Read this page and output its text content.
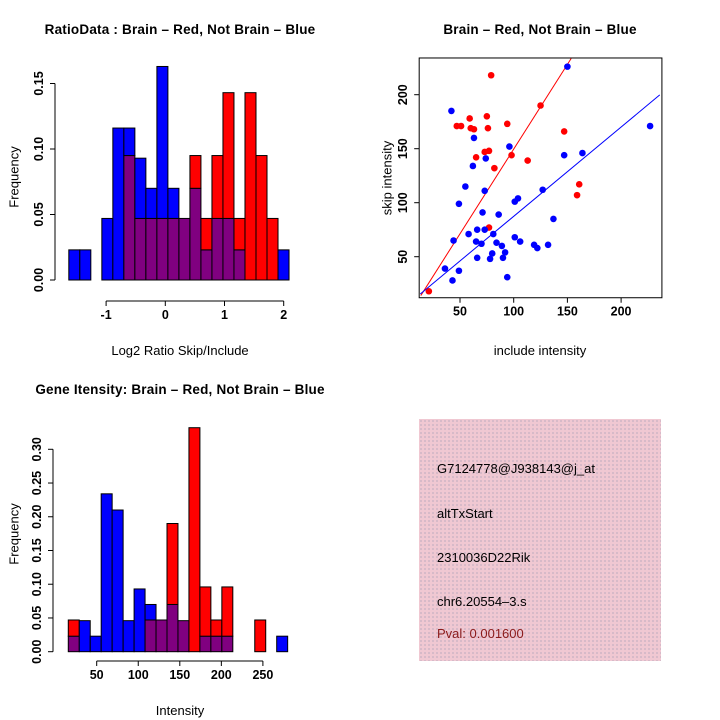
0.00
0.05
0.10
0.15
-1	0	1	2
RatioData : Brain – Red, Not Brain – Blue
Log2 Ratio Skip/Include
Frequency
50	100	150	200
50
100
150
200
Brain – Red, Not Brain – Blue
include intensity
skip intensity
0.00
0.05
0.10
0.15
0.20
0.25
0.30
50 100 150 200 250
Gene Itensity: Brain – Red, Not Brain – Blue
Intensity
Frequency
G7124778@J938143@j_at
altTxStart
2310036D22Rik
chr6.20554–3.s
Pval: 0.001600
